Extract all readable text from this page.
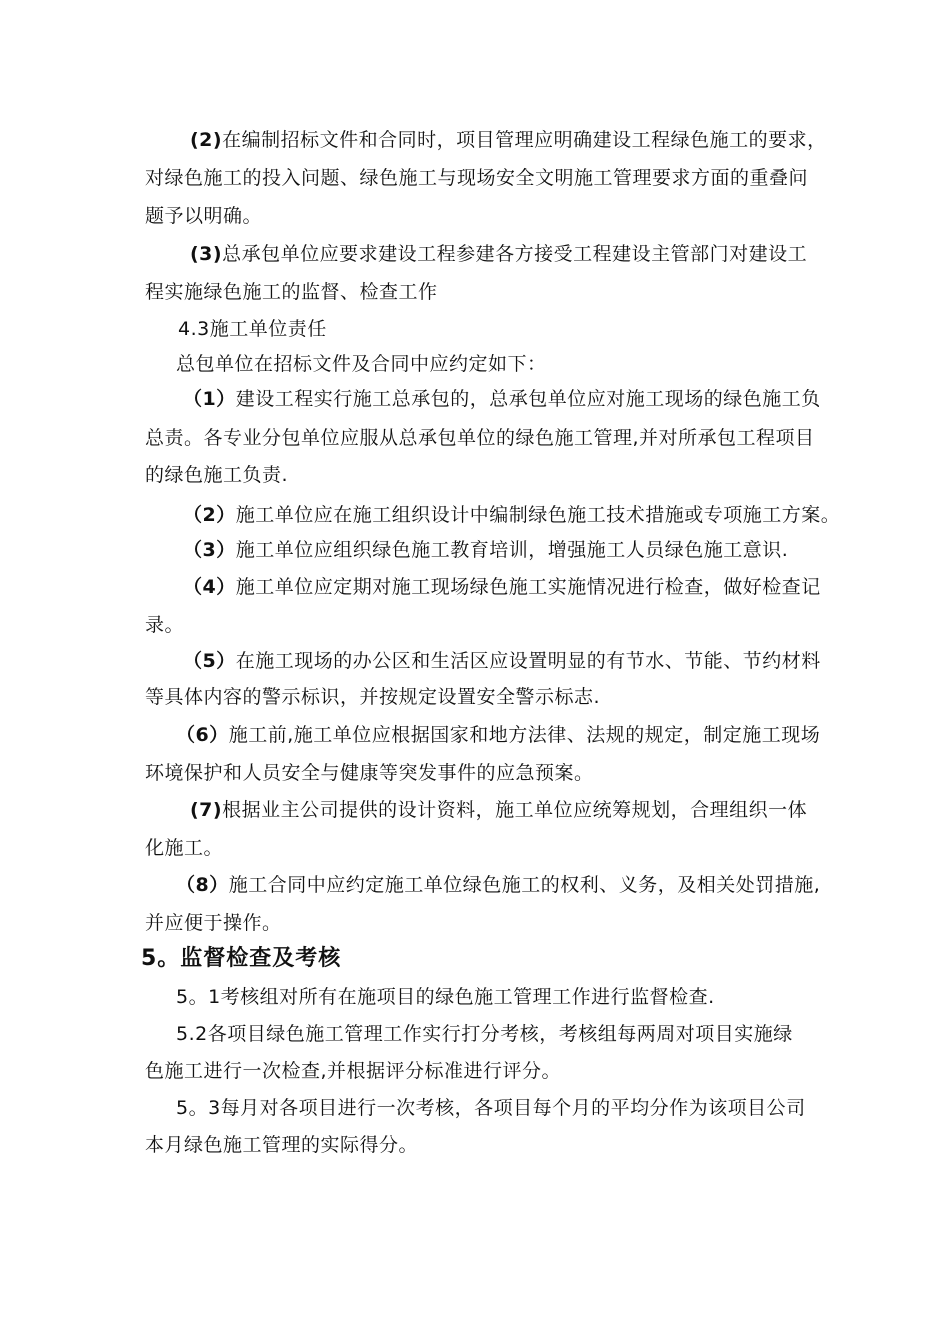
(2)在编制招标文件和合同时，项目管理应明确建设工程绿色施工的要求，
对绿色施工的投入问题、绿色施工与现场安全文明施工管理要求方面的重叠问
题予以明确。
(3)总承包单位应要求建设工程参建各方接受工程建设主管部门对建设工
程实施绿色施工的监督、检查工作
4.3施工单位责任
总包单位在招标文件及合同中应约定如下：
（1）建设工程实行施工总承包的，总承包单位应对施工现场的绿色施工负
总责。各专业分包单位应服从总承包单位的绿色施工管理,并对所承包工程项目
的绿色施工负责.
（2）施工单位应在施工组织设计中编制绿色施工技术措施或专项施工方案。
（3）施工单位应组织绿色施工教育培训，增强施工人员绿色施工意识.
（4）施工单位应定期对施工现场绿色施工实施情况进行检查，做好检查记
录。
（5）在施工现场的办公区和生活区应设置明显的有节水、节能、节约材料
等具体内容的警示标识，并按规定设置安全警示标志.
（6）施工前,施工单位应根据国家和地方法律、法规的规定，制定施工现场
环境保护和人员安全与健康等突发事件的应急预案。
(7)根据业主公司提供的设计资料，施工单位应统筹规划，合理组织一体
化施工。
（8）施工合同中应约定施工单位绿色施工的权利、义务，及相关处罚措施,
并应便于操作。
5。监督检查及考核
5。1考核组对所有在施项目的绿色施工管理工作进行监督检查.
5.2各项目绿色施工管理工作实行打分考核，考核组每两周对项目实施绿
色施工进行一次检查,并根据评分标准进行评分。
5。3每月对各项目进行一次考核，各项目每个月的平均分作为该项目公司
本月绿色施工管理的实际得分。
